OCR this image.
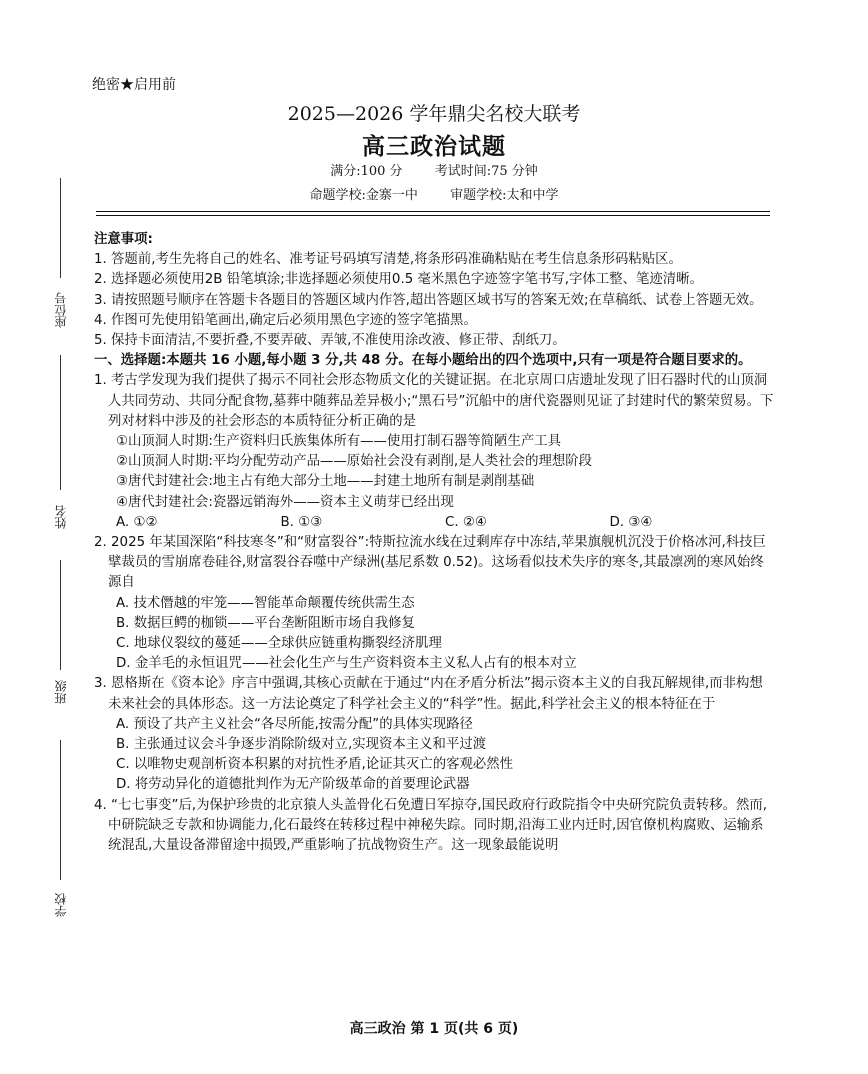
绝密★启用前
2025—2026 学年鼎尖名校大联考
高三政治试题
满分:100 分 考试时间:75 分钟
命题学校:金寨一中 审题学校:太和中学
座位号
姓名
班级
学校

注意事项:

1. 答题前,考生先将自己的姓名、准考证号码填写清楚,将条形码准确粘贴在考生信息条形码粘贴区。

2. 选择题必须使用2B 铅笔填涂;非选择题必须使用0.5 毫米黑色字迹签字笔书写,字体工整、笔迹清晰。

3. 请按照题号顺序在答题卡各题目的答题区域内作答,超出答题区域书写的答案无效;在草稿纸、试卷上答题无效。

4. 作图可先使用铅笔画出,确定后必须用黑色字迹的签字笔描黑。

5. 保持卡面清洁,不要折叠,不要弄破、弄皱,不准使用涂改液、修正带、刮纸刀。

一、选择题:本题共 16 小题,每小题 3 分,共 48 分。在每小题给出的四个选项中,只有一项是符合题目要求的。

1. 考古学发现为我们提供了揭示不同社会形态物质文化的关键证据。在北京周口店遗址发现了旧石器时代的山顶洞人共同劳动、共同分配食物,墓葬中随葬品差异极小;“黑石号”沉船中的唐代瓷器则见证了封建时代的繁荣贸易。下列对材料中涉及的社会形态的本质特征分析正确的是

①山顶洞人时期:生产资料归氏族集体所有——使用打制石器等简陋生产工具

②山顶洞人时期:平均分配劳动产品——原始社会没有剥削,是人类社会的理想阶段

③唐代封建社会:地主占有绝大部分土地——封建土地所有制是剥削基础

④唐代封建社会:瓷器远销海外——资本主义萌芽已经出现

A. ①②	B. ①③	C. ②④	D. ③④

2. 2025 年某国深陷“科技寒冬”和“财富裂谷”:特斯拉流水线在过剩库存中冻结,苹果旗舰机沉没于价格冰河,科技巨擘裁员的雪崩席卷硅谷,财富裂谷吞噬中产绿洲(基尼系数 0.52)。这场看似技术失序的寒冬,其最凛冽的寒风始终源自

A. 技术僭越的牢笼——智能革命颠覆传统供需生态

B. 数据巨鳄的枷锁——平台垄断阻断市场自我修复

C. 地球仪裂纹的蔓延——全球供应链重构撕裂经济肌理

D. 金羊毛的永恒诅咒——社会化生产与生产资料资本主义私人占有的根本对立

3. 恩格斯在《资本论》序言中强调,其核心贡献在于通过“内在矛盾分析法”揭示资本主义的自我瓦解规律,而非构想未来社会的具体形态。这一方法论奠定了科学社会主义的“科学”性。据此,科学社会主义的根本特征在于

A. 预设了共产主义社会“各尽所能,按需分配”的具体实现路径

B. 主张通过议会斗争逐步消除阶级对立,实现资本主义和平过渡

C. 以唯物史观剖析资本积累的对抗性矛盾,论证其灭亡的客观必然性

D. 将劳动异化的道德批判作为无产阶级革命的首要理论武器

4. “七七事变”后,为保护珍贵的北京猿人头盖骨化石免遭日军掠夺,国民政府行政院指令中央研究院负责转移。然而,中研院缺乏专款和协调能力,化石最终在转移过程中神秘失踪。同时期,沿海工业内迁时,因官僚机构腐败、运输系统混乱,大量设备滞留途中损毁,严重影响了抗战物资生产。这一现象最能说明

高三政治 第 1 页(共 6 页)
